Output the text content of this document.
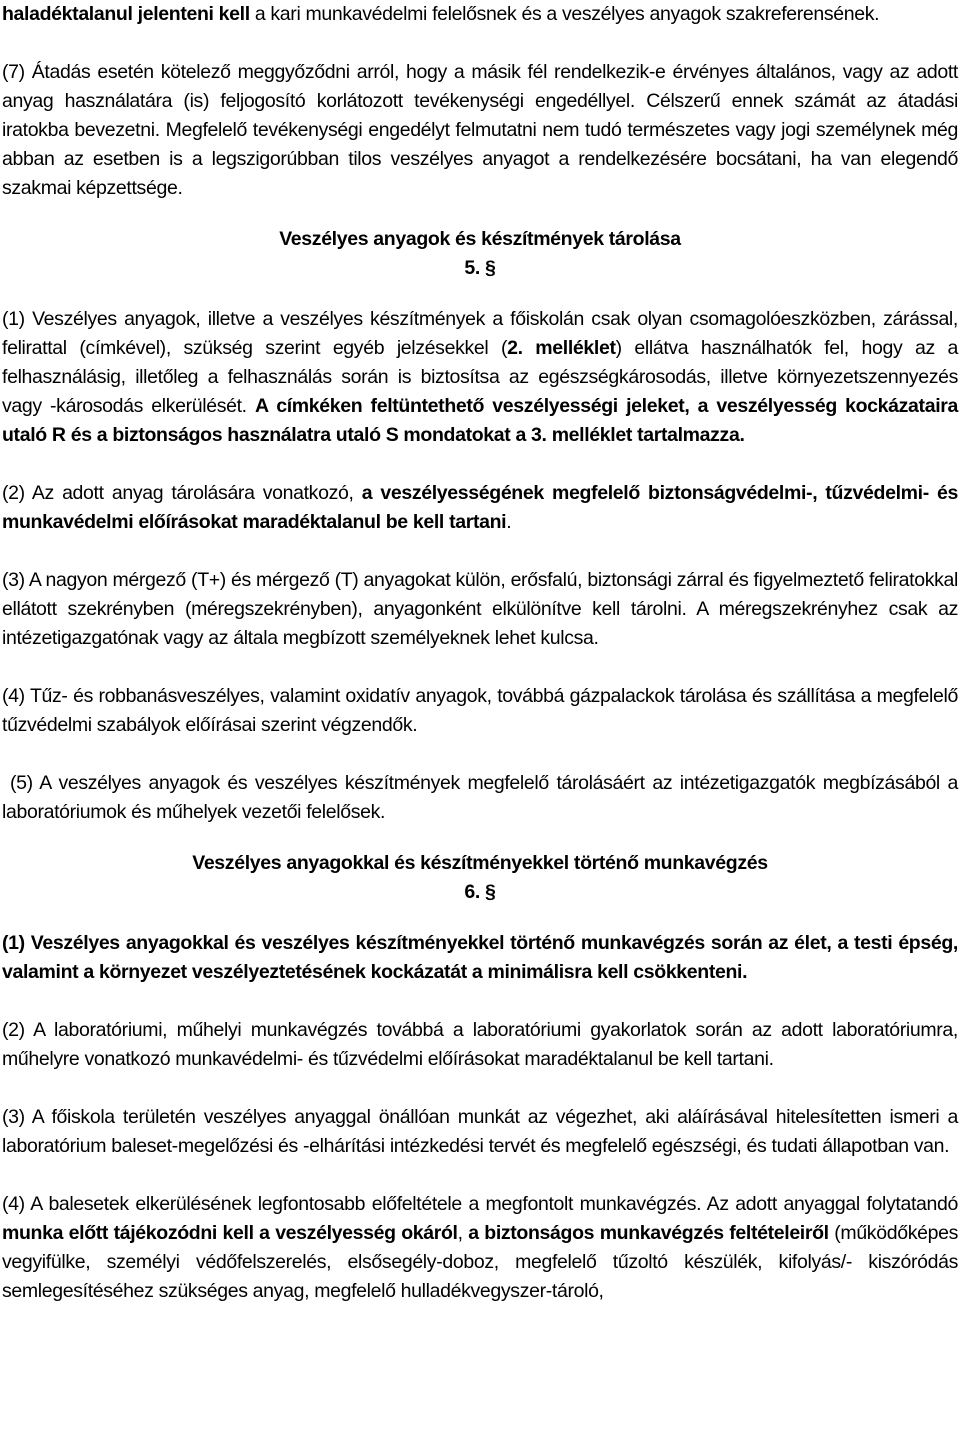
haladéktalanul jelenteni kell a kari munkavédelmi felelősnek és a veszélyes anyagok szakreferensének.

(7) Átadás esetén kötelező meggyőződni arról, hogy a másik fél rendelkezik-e érvényes általános, vagy az adott anyag használatára (is) feljogosító korlátozott tevékenységi engedéllyel. Célszerű ennek számát az átadási iratokba bevezetni. Megfelelő tevékenységi engedélyt felmutatni nem tudó természetes vagy jogi személynek még abban az esetben is a legszigorúbban tilos veszélyes anyagot a rendelkezésére bocsátani, ha van elegendő szakmai képzettsége.

Veszélyes anyagok és készítmények tárolása
5. §

(1) Veszélyes anyagok, illetve a veszélyes készítmények a főiskolán csak olyan csomagolóeszközben, zárással, felirattal (címkével), szükség szerint egyéb jelzésekkel (2. melléklet) ellátva használhatók fel, hogy az a felhasználásig, illetőleg a felhasználás során is biztosítsa az egészségkárosodás, illetve környezetszennyezés vagy -károsodás elkerülését. A címkéken feltüntethető veszélyességi jeleket, a veszélyesség kockázataira utaló R és a biztonságos használatra utaló S mondatokat a 3. melléklet tartalmazza.

(2) Az adott anyag tárolására vonatkozó, a veszélyességének megfelelő biztonságvédelmi-, tűzvédelmi- és munkavédelmi előírásokat maradéktalanul be kell tartani.

(3) A nagyon mérgező (T+) és mérgező (T) anyagokat külön, erősfalú, biztonsági zárral és figyelmeztető feliratokkal ellátott szekrényben (méregszekrényben), anyagonként elkülönítve kell tárolni. A méregszekrényhez csak az intézetigazgatónak vagy az általa megbízott személyeknek lehet kulcsa.

(4) Tűz- és robbanásveszélyes, valamint oxidatív anyagok, továbbá gázpalackok tárolása és szállítása a megfelelő tűzvédelmi szabályok előírásai szerint végzendők.

(5) A veszélyes anyagok és veszélyes készítmények megfelelő tárolásáért az intézetigazgatók megbízásából a laboratóriumok és műhelyek vezetői felelősek.

Veszélyes anyagokkal és készítményekkel történő munkavégzés
6. §

(1) Veszélyes anyagokkal és veszélyes készítményekkel történő munkavégzés során az élet, a testi épség, valamint a környezet veszélyeztetésének kockázatát a minimálisra kell csökkenteni.

(2) A laboratóriumi, műhelyi munkavégzés továbbá a laboratóriumi gyakorlatok során az adott laboratóriumra, műhelyre vonatkozó munkavédelmi- és tűzvédelmi előírásokat maradéktalanul be kell tartani.

(3) A főiskola területén veszélyes anyaggal önállóan munkát az végezhet, aki aláírásával hitelesítetten ismeri a laboratórium baleset-megelőzési és -elhárítási intézkedési tervét és megfelelő egészségi, és tudati állapotban van.

(4) A balesetek elkerülésének legfontosabb előfeltétele a megfontolt munkavégzés. Az adott anyaggal folytatandó munka előtt tájékozódni kell a veszélyesség okáról, a biztonságos munkavégzés feltételeiről (működőképes vegyifülke, személyi védőfelszerelés, elsősegély-doboz, megfelelő tűzoltó készülék, kifolyás/- kiszóródás semlegesítéséhez szükséges anyag, megfelelő hulladékvegyszer-tároló,
